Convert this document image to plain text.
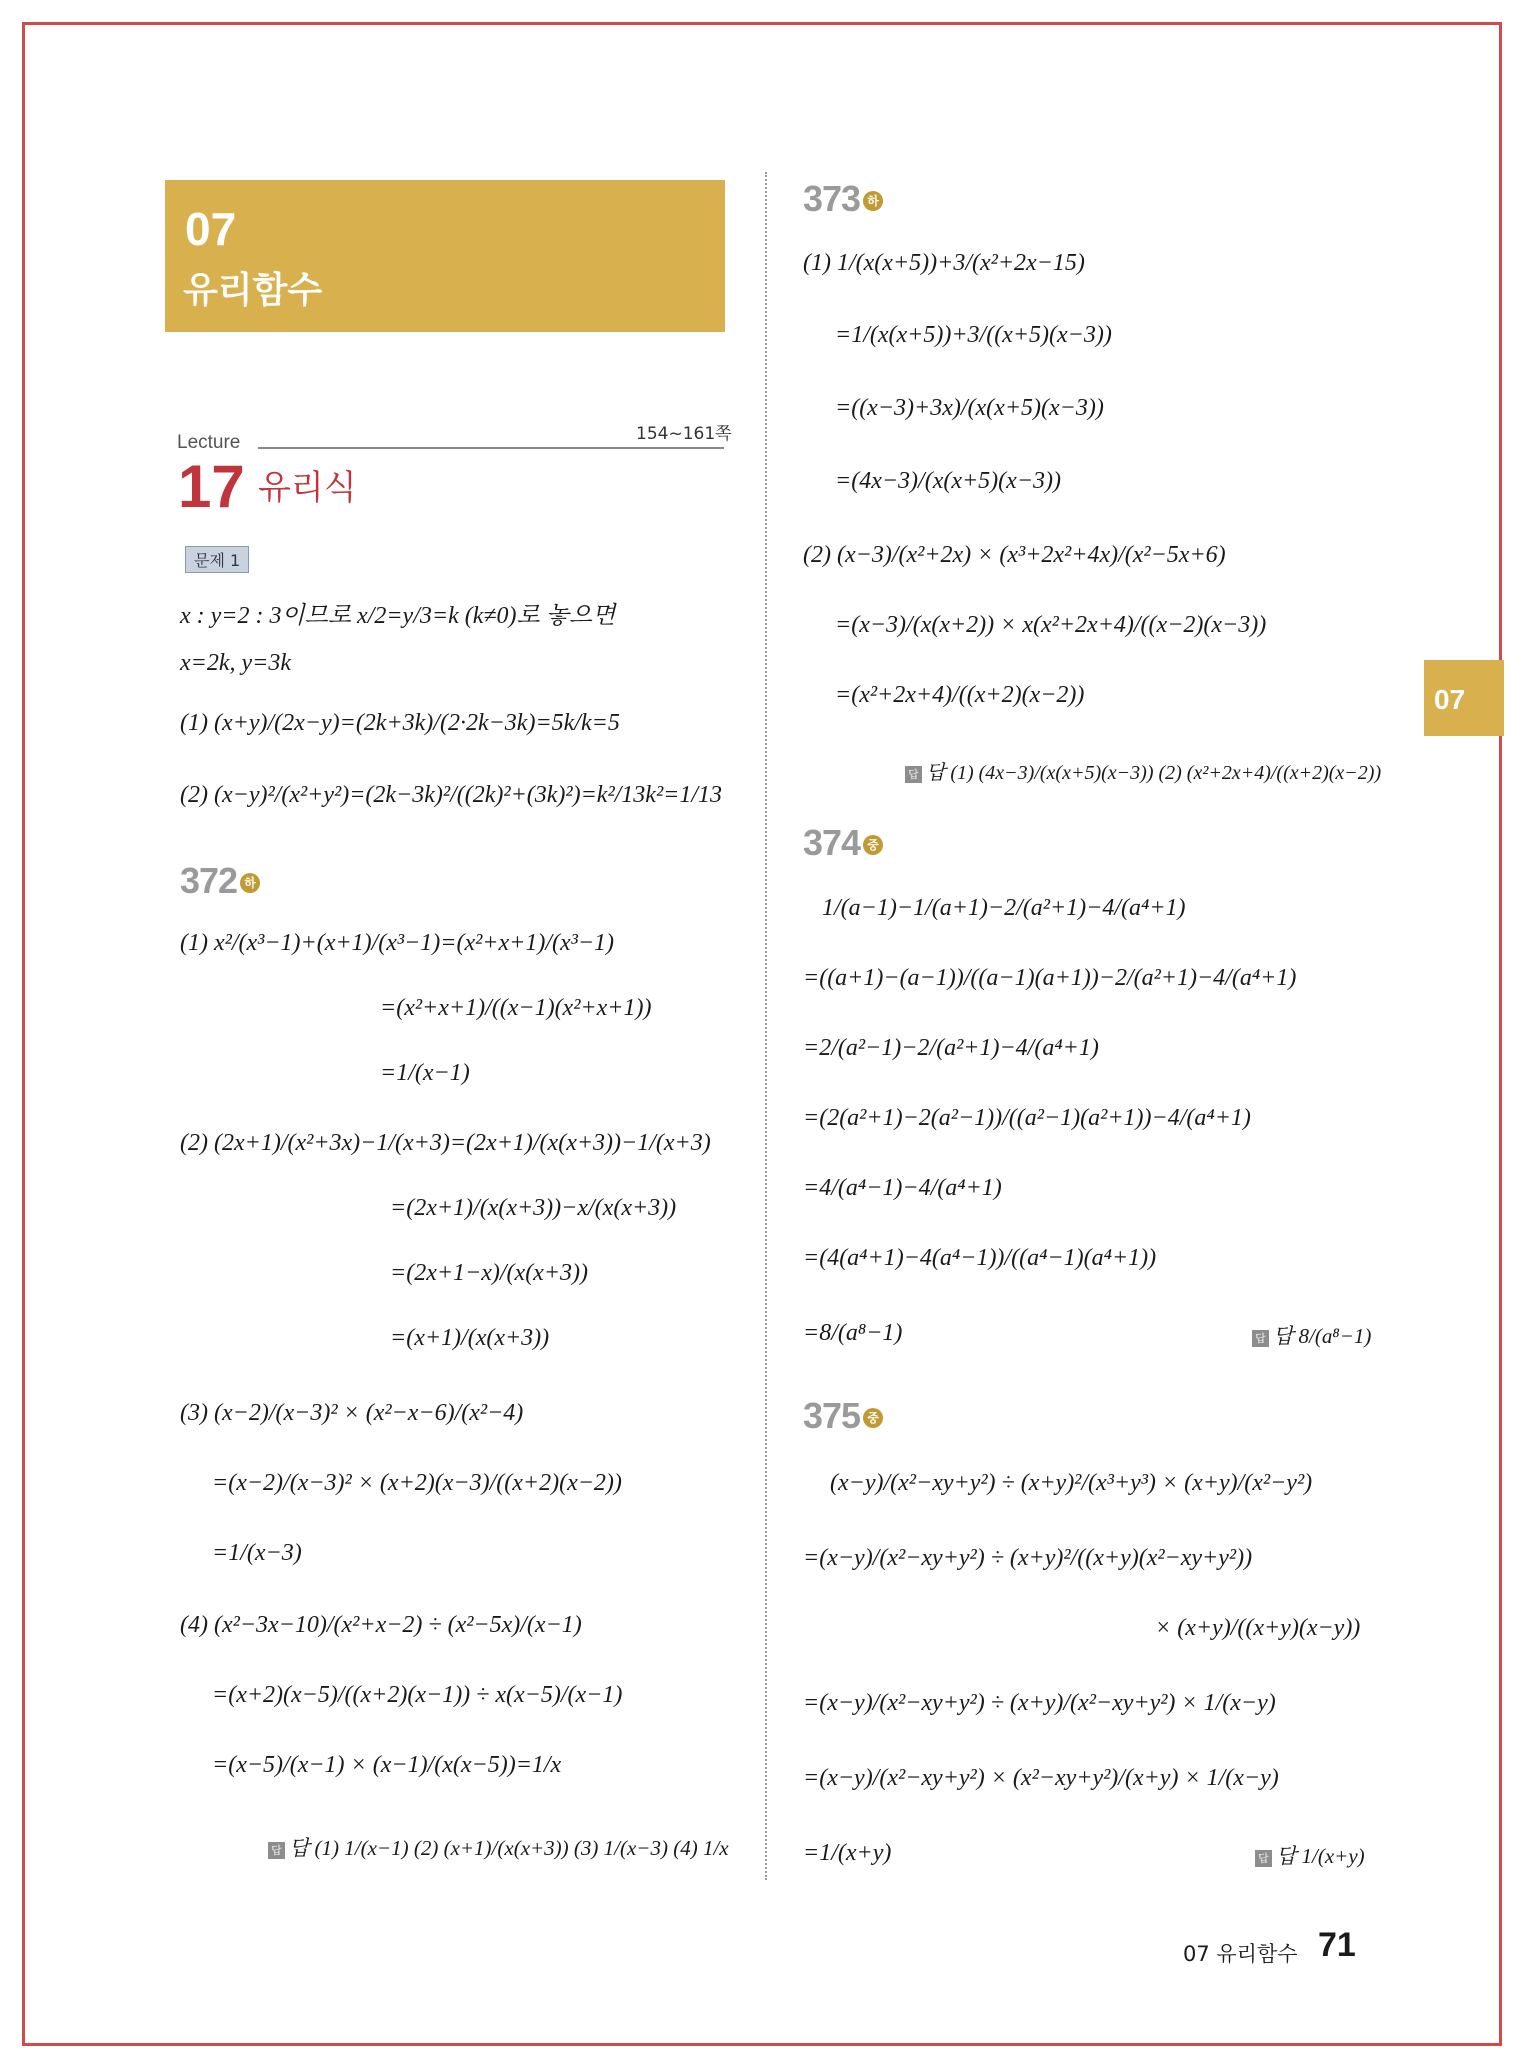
07
유리함수
Lecture	154~161쪽
17 유리식
문제 1
x : y=2 : 3이므로 x/2=y/3=k (k≠0)로 놓으면
x=2k, y=3k
(1) (x+y)/(2x−y)=(2k+3k)/(2·2k−3k)=5k/k=5
(2) (x−y)²/(x²+y²)=(2k−3k)²/((2k)²+(3k)²)=k²/13k²=1/13
372 하
(1) x²/(x³−1)+(x+1)/(x³−1)=(x²+x+1)/(x³−1)
=(x²+x+1)/((x−1)(x²+x+1))
=1/(x−1)
(2) (2x+1)/(x²+3x)−1/(x+3)=(2x+1)/(x(x+3))−1/(x+3)
=(2x+1)/(x(x+3))−x/(x(x+3))
=(2x+1−x)/(x(x+3))
=(x+1)/(x(x+3))
(3) (x−2)/(x−3)² × (x²−x−6)/(x²−4)
=(x−2)/(x−3)² × (x+2)(x−3)/((x+2)(x−2))
=1/(x−3)
(4) (x²−3x−10)/(x²+x−2) ÷ (x²−5x)/(x−1)
=(x+2)(x−5)/((x+2)(x−1)) ÷ x(x−5)/(x−1)
=(x−5)/(x−1) × (x−1)/(x(x−5))=1/x
답 답 (1) 1/(x−1) (2) (x+1)/(x(x+3)) (3) 1/(x−3) (4) 1/x
373 하
(1) 1/(x(x+5))+3/(x²+2x−15)
=1/(x(x+5))+3/((x+5)(x−3))
=((x−3)+3x)/(x(x+5)(x−3))
=(4x−3)/(x(x+5)(x−3))
(2) (x−3)/(x²+2x) × (x³+2x²+4x)/(x²−5x+6)
=(x−3)/(x(x+2)) × x(x²+2x+4)/((x−2)(x−3))
=(x²+2x+4)/((x+2)(x−2))
답 답 (1) (4x−3)/(x(x+5)(x−3)) (2) (x²+2x+4)/((x+2)(x−2))
374 중
1/(a−1)−1/(a+1)−2/(a²+1)−4/(a⁴+1)
=((a+1)−(a−1))/((a−1)(a+1))−2/(a²+1)−4/(a⁴+1)
=2/(a²−1)−2/(a²+1)−4/(a⁴+1)
=(2(a²+1)−2(a²−1))/((a²−1)(a²+1))−4/(a⁴+1)
=4/(a⁴−1)−4/(a⁴+1)
=(4(a⁴+1)−4(a⁴−1))/((a⁴−1)(a⁴+1))
=8/(a⁸−1)	답 답 8/(a⁸−1)
375 중
(x−y)/(x²−xy+y²) ÷ (x+y)²/(x³+y³) × (x+y)/(x²−y²)
=(x−y)/(x²−xy+y²) ÷ (x+y)²/((x+y)(x²−xy+y²))
× (x+y)/((x+y)(x−y))
=(x−y)/(x²−xy+y²) ÷ (x+y)/(x²−xy+y²) × 1/(x−y)
=(x−y)/(x²−xy+y²) × (x²−xy+y²)/(x+y) × 1/(x−y)
=1/(x+y)	답 답 1/(x+y)
07
07 유리함수 71
